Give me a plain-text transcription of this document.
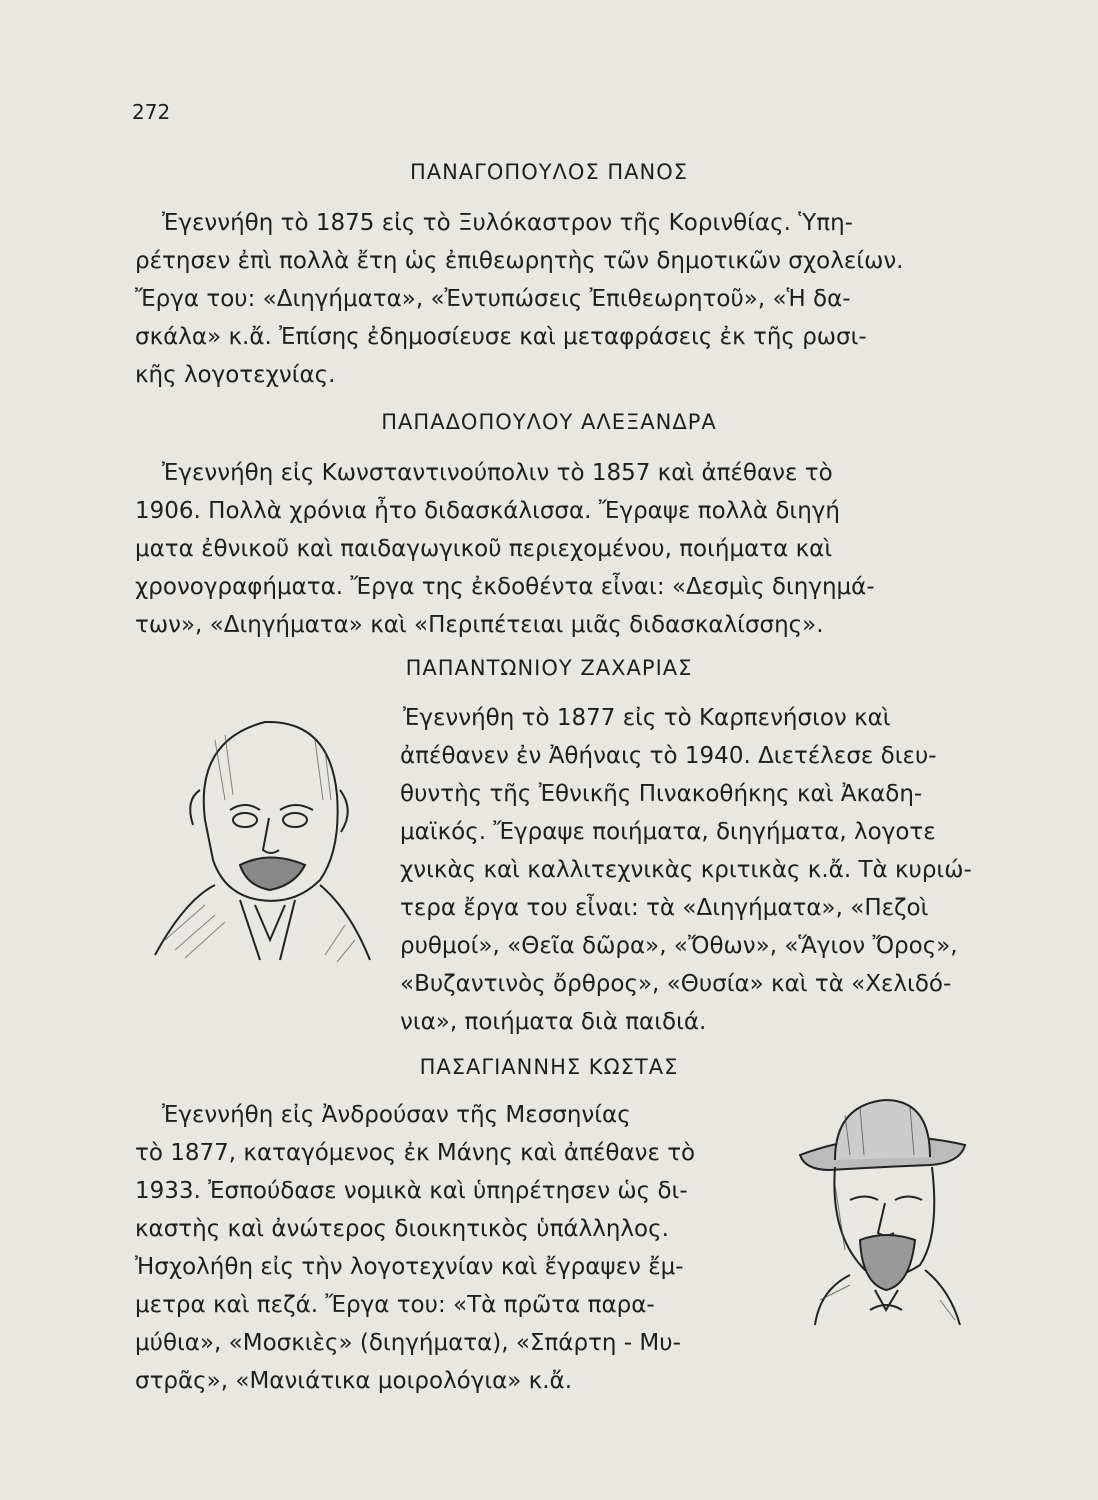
272
ΠΑΝΑΓΟΠΟΥΛΟΣ ΠΑΝΟΣ
Ἐγεννήθη τὸ 1875 εἰς τὸ Ξυλόκαστρον τῆς Κορινθίας. Ὑπη-
ρέτησεν ἐπὶ πολλὰ ἔτη ὡς ἐπιθεωρητὴς τῶν δημοτικῶν σχολείων.
Ἔργα του: «Διηγήματα», «Ἐντυπώσεις Ἐπιθεωρητοῦ», «Ἡ δα-
σκάλα» κ.ἄ. Ἐπίσης ἐδημοσίευσε καὶ μεταφράσεις ἐκ τῆς ρωσι-
κῆς λογοτεχνίας.
ΠΑΠΑΔΟΠΟΥΛΟΥ ΑΛΕΞΑΝΔΡΑ
Ἐγεννήθη εἰς Κωνσταντινούπολιν τὸ 1857 καὶ ἀπέθανε τὸ
1906. Πολλὰ χρόνια ἦτο διδασκάλισσα. Ἔγραψε πολλὰ διηγή
ματα ἐθνικοῦ καὶ παιδαγωγικοῦ περιεχομένου, ποιήματα καὶ
χρονογραφήματα. Ἔργα της ἐκδοθέντα εἶναι: «Δεσμὶς διηγημά-
των», «Διηγήματα» καὶ «Περιπέτειαι μιᾶς διδασκαλίσσης».
ΠΑΠΑΝΤΩΝΙΟΥ ΖΑΧΑΡΙΑΣ
Ἐγεννήθη τὸ 1877 εἰς τὸ Καρπενήσιον καὶ
ἀπέθανεν ἐν Ἀθήναις τὸ 1940. Διετέλεσε διευ-
θυντὴς τῆς Ἐθνικῆς Πινακοθήκης καὶ Ἀκαδη-
μαϊκός. Ἔγραψε ποιήματα, διηγήματα, λογοτε
χνικὰς καὶ καλλιτεχνικὰς κριτικὰς κ.ἄ. Τὰ κυριώ-
τερα ἔργα του εἶναι: τὰ «Διηγήματα», «Πεζοὶ
ρυθμοί», «Θεῖα δῶρα», «Ὄθων», «Ἅγιον Ὄρος»,
«Βυζαντινὸς ὄρθρος», «Θυσία» καὶ τὰ «Χελιδό-
νια», ποιήματα διὰ παιδιά.
ΠΑΣΑΓΙΑΝΝΗΣ ΚΩΣΤΑΣ
Ἐγεννήθη εἰς Ἀνδρούσαν τῆς Μεσσηνίας
τὸ 1877, καταγόμενος ἐκ Μάνης καὶ ἀπέθανε τὸ
1933. Ἐσπούδασε νομικὰ καὶ ὑπηρέτησεν ὡς δι-
καστὴς καὶ ἀνώτερος διοικητικὸς ὑπάλληλος.
Ἠσχολήθη εἰς τὴν λογοτεχνίαν καὶ ἔγραψεν ἔμ-
μετρα καὶ πεζά. Ἔργα του: «Τὰ πρῶτα παρα-
μύθια», «Μοσκιὲς» (διηγήματα), «Σπάρτη - Μυ-
στρᾶς», «Μανιάτικα μοιρολόγια» κ.ἄ.
